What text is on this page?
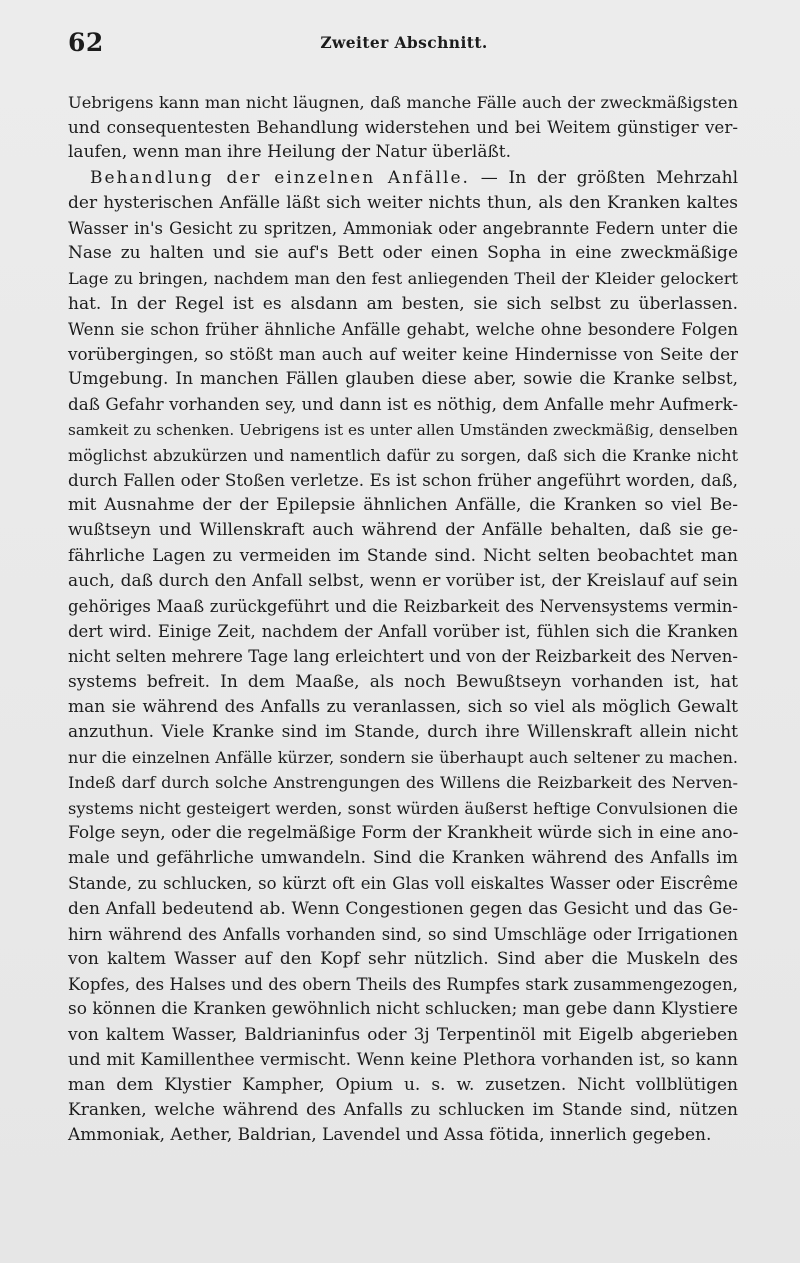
62	Zweiter Abschnitt.
Uebrigens kann man nicht läugnen, daß manche Fälle auch der zweckmäßigsten
und consequentesten Behandlung widerstehen und bei Weitem günstiger ver-
laufen, wenn man ihre Heilung der Natur überläßt.
Behandlung der einzelnen Anfälle. — In der größten Mehrzahl
der hysterischen Anfälle läßt sich weiter nichts thun, als den Kranken kaltes
Wasser in's Gesicht zu spritzen, Ammoniak oder angebrannte Federn unter die
Nase zu halten und sie auf's Bett oder einen Sopha in eine zweckmäßige
Lage zu bringen, nachdem man den fest anliegenden Theil der Kleider gelockert
hat. In der Regel ist es alsdann am besten, sie sich selbst zu überlassen.
Wenn sie schon früher ähnliche Anfälle gehabt, welche ohne besondere Folgen
vorübergingen, so stößt man auch auf weiter keine Hindernisse von Seite der
Umgebung. In manchen Fällen glauben diese aber, sowie die Kranke selbst,
daß Gefahr vorhanden sey, und dann ist es nöthig, dem Anfalle mehr Aufmerk-
samkeit zu schenken. Uebrigens ist es unter allen Umständen zweckmäßig, denselben
möglichst abzukürzen und namentlich dafür zu sorgen, daß sich die Kranke nicht
durch Fallen oder Stoßen verletze. Es ist schon früher angeführt worden, daß,
mit Ausnahme der der Epilepsie ähnlichen Anfälle, die Kranken so viel Be-
wußtseyn und Willenskraft auch während der Anfälle behalten, daß sie ge-
fährliche Lagen zu vermeiden im Stande sind. Nicht selten beobachtet man
auch, daß durch den Anfall selbst, wenn er vorüber ist, der Kreislauf auf sein
gehöriges Maaß zurückgeführt und die Reizbarkeit des Nervensystems vermin-
dert wird. Einige Zeit, nachdem der Anfall vorüber ist, fühlen sich die Kranken
nicht selten mehrere Tage lang erleichtert und von der Reizbarkeit des Nerven-
systems befreit. In dem Maaße, als noch Bewußtseyn vorhanden ist, hat
man sie während des Anfalls zu veranlassen, sich so viel als möglich Gewalt
anzuthun. Viele Kranke sind im Stande, durch ihre Willenskraft allein nicht
nur die einzelnen Anfälle kürzer, sondern sie überhaupt auch seltener zu machen.
Indeß darf durch solche Anstrengungen des Willens die Reizbarkeit des Nerven-
systems nicht gesteigert werden, sonst würden äußerst heftige Convulsionen die
Folge seyn, oder die regelmäßige Form der Krankheit würde sich in eine ano-
male und gefährliche umwandeln. Sind die Kranken während des Anfalls im
Stande, zu schlucken, so kürzt oft ein Glas voll eiskaltes Wasser oder Eiscrême
den Anfall bedeutend ab. Wenn Congestionen gegen das Gesicht und das Ge-
hirn während des Anfalls vorhanden sind, so sind Umschläge oder Irrigationen
von kaltem Wasser auf den Kopf sehr nützlich. Sind aber die Muskeln des
Kopfes, des Halses und des obern Theils des Rumpfes stark zusammengezogen,
so können die Kranken gewöhnlich nicht schlucken; man gebe dann Klystiere
von kaltem Wasser, Baldrianinfus oder 3j Terpentinöl mit Eigelb abgerieben
und mit Kamillenthee vermischt. Wenn keine Plethora vorhanden ist, so kann
man dem Klystier Kampher, Opium u. s. w. zusetzen. Nicht vollblütigen
Kranken, welche während des Anfalls zu schlucken im Stande sind, nützen
Ammoniak, Aether, Baldrian, Lavendel und Assa fötida, innerlich gegeben.
